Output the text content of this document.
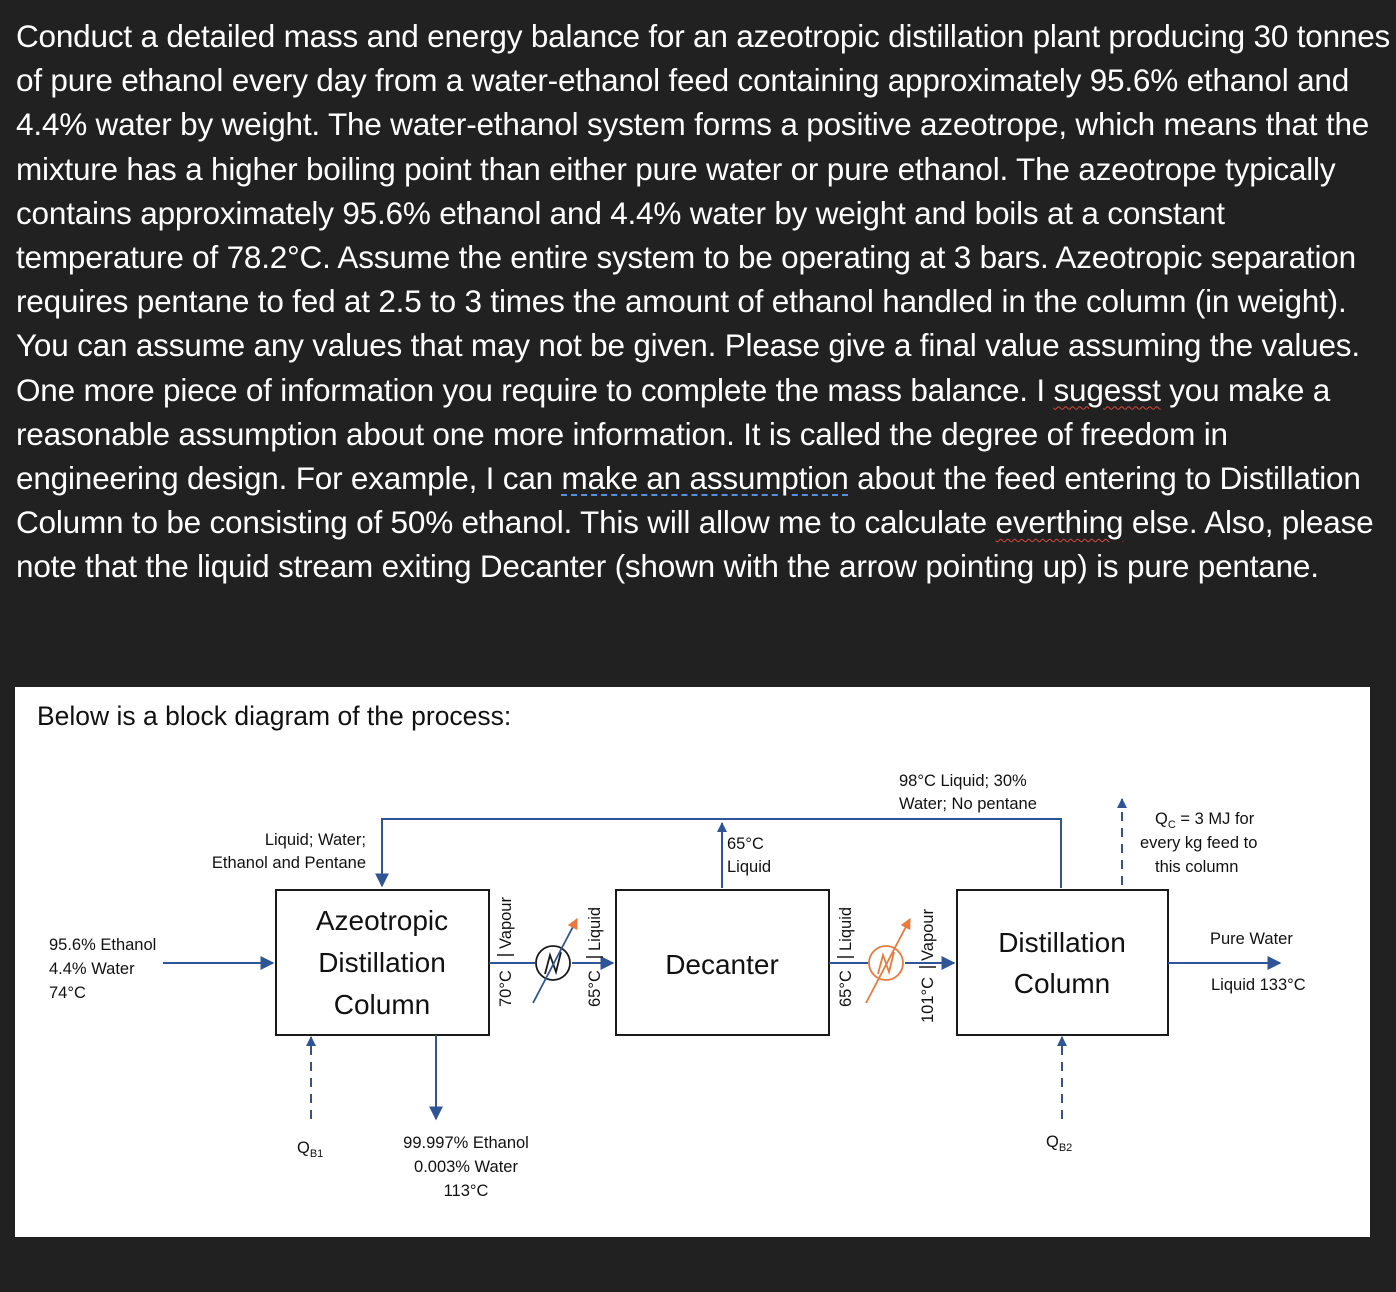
Conduct a detailed mass and energy balance for an azeotropic distillation plant producing 30 tonnes of pure ethanol every day from a water-ethanol feed containing approximately 95.6% ethanol and 4.4% water by weight. The water-ethanol system forms a positive azeotrope, which means that the mixture has a higher boiling point than either pure water or pure ethanol. The azeotrope typically contains approximately 95.6% ethanol and 4.4% water by weight and boils at a constant temperature of 78.2°C. Assume the entire system to be operating at 3 bars. Azeotropic separation requires pentane to fed at 2.5 to 3 times the amount of ethanol handled in the column (in weight). You can assume any values that may not be given. Please give a final value assuming the values. One more piece of information you require to complete the mass balance. I sugesst you make a reasonable assumption about one more information. It is called the degree of freedom in engineering design. For example, I can make an assumption about the feed entering to Distillation Column to be consisting of 50% ethanol. This will allow me to calculate everthing else. Also, please note that the liquid stream exiting Decanter (shown with the arrow pointing up) is pure pentane.

Below is a block diagram of the process:
Azeotropic
Distillation
Column
Decanter
Distillation
Column
95.6% Ethanol
4.4% Water
74°C
Liquid; Water;
Ethanol and Pentane
65°C
Liquid
98°C Liquid; 30%
Water; No pentane
$Q_C = 3$ MJ for
every kg feed to
this column
70°C
Vapour
65°C
Liquid
65°C
Liquid
101°C
Vapour	Pure Water
Liquid 133°C
99.997% Ethanol
0.003% Water
113°C
$Q_{B1}$
$Q_{B2}$
